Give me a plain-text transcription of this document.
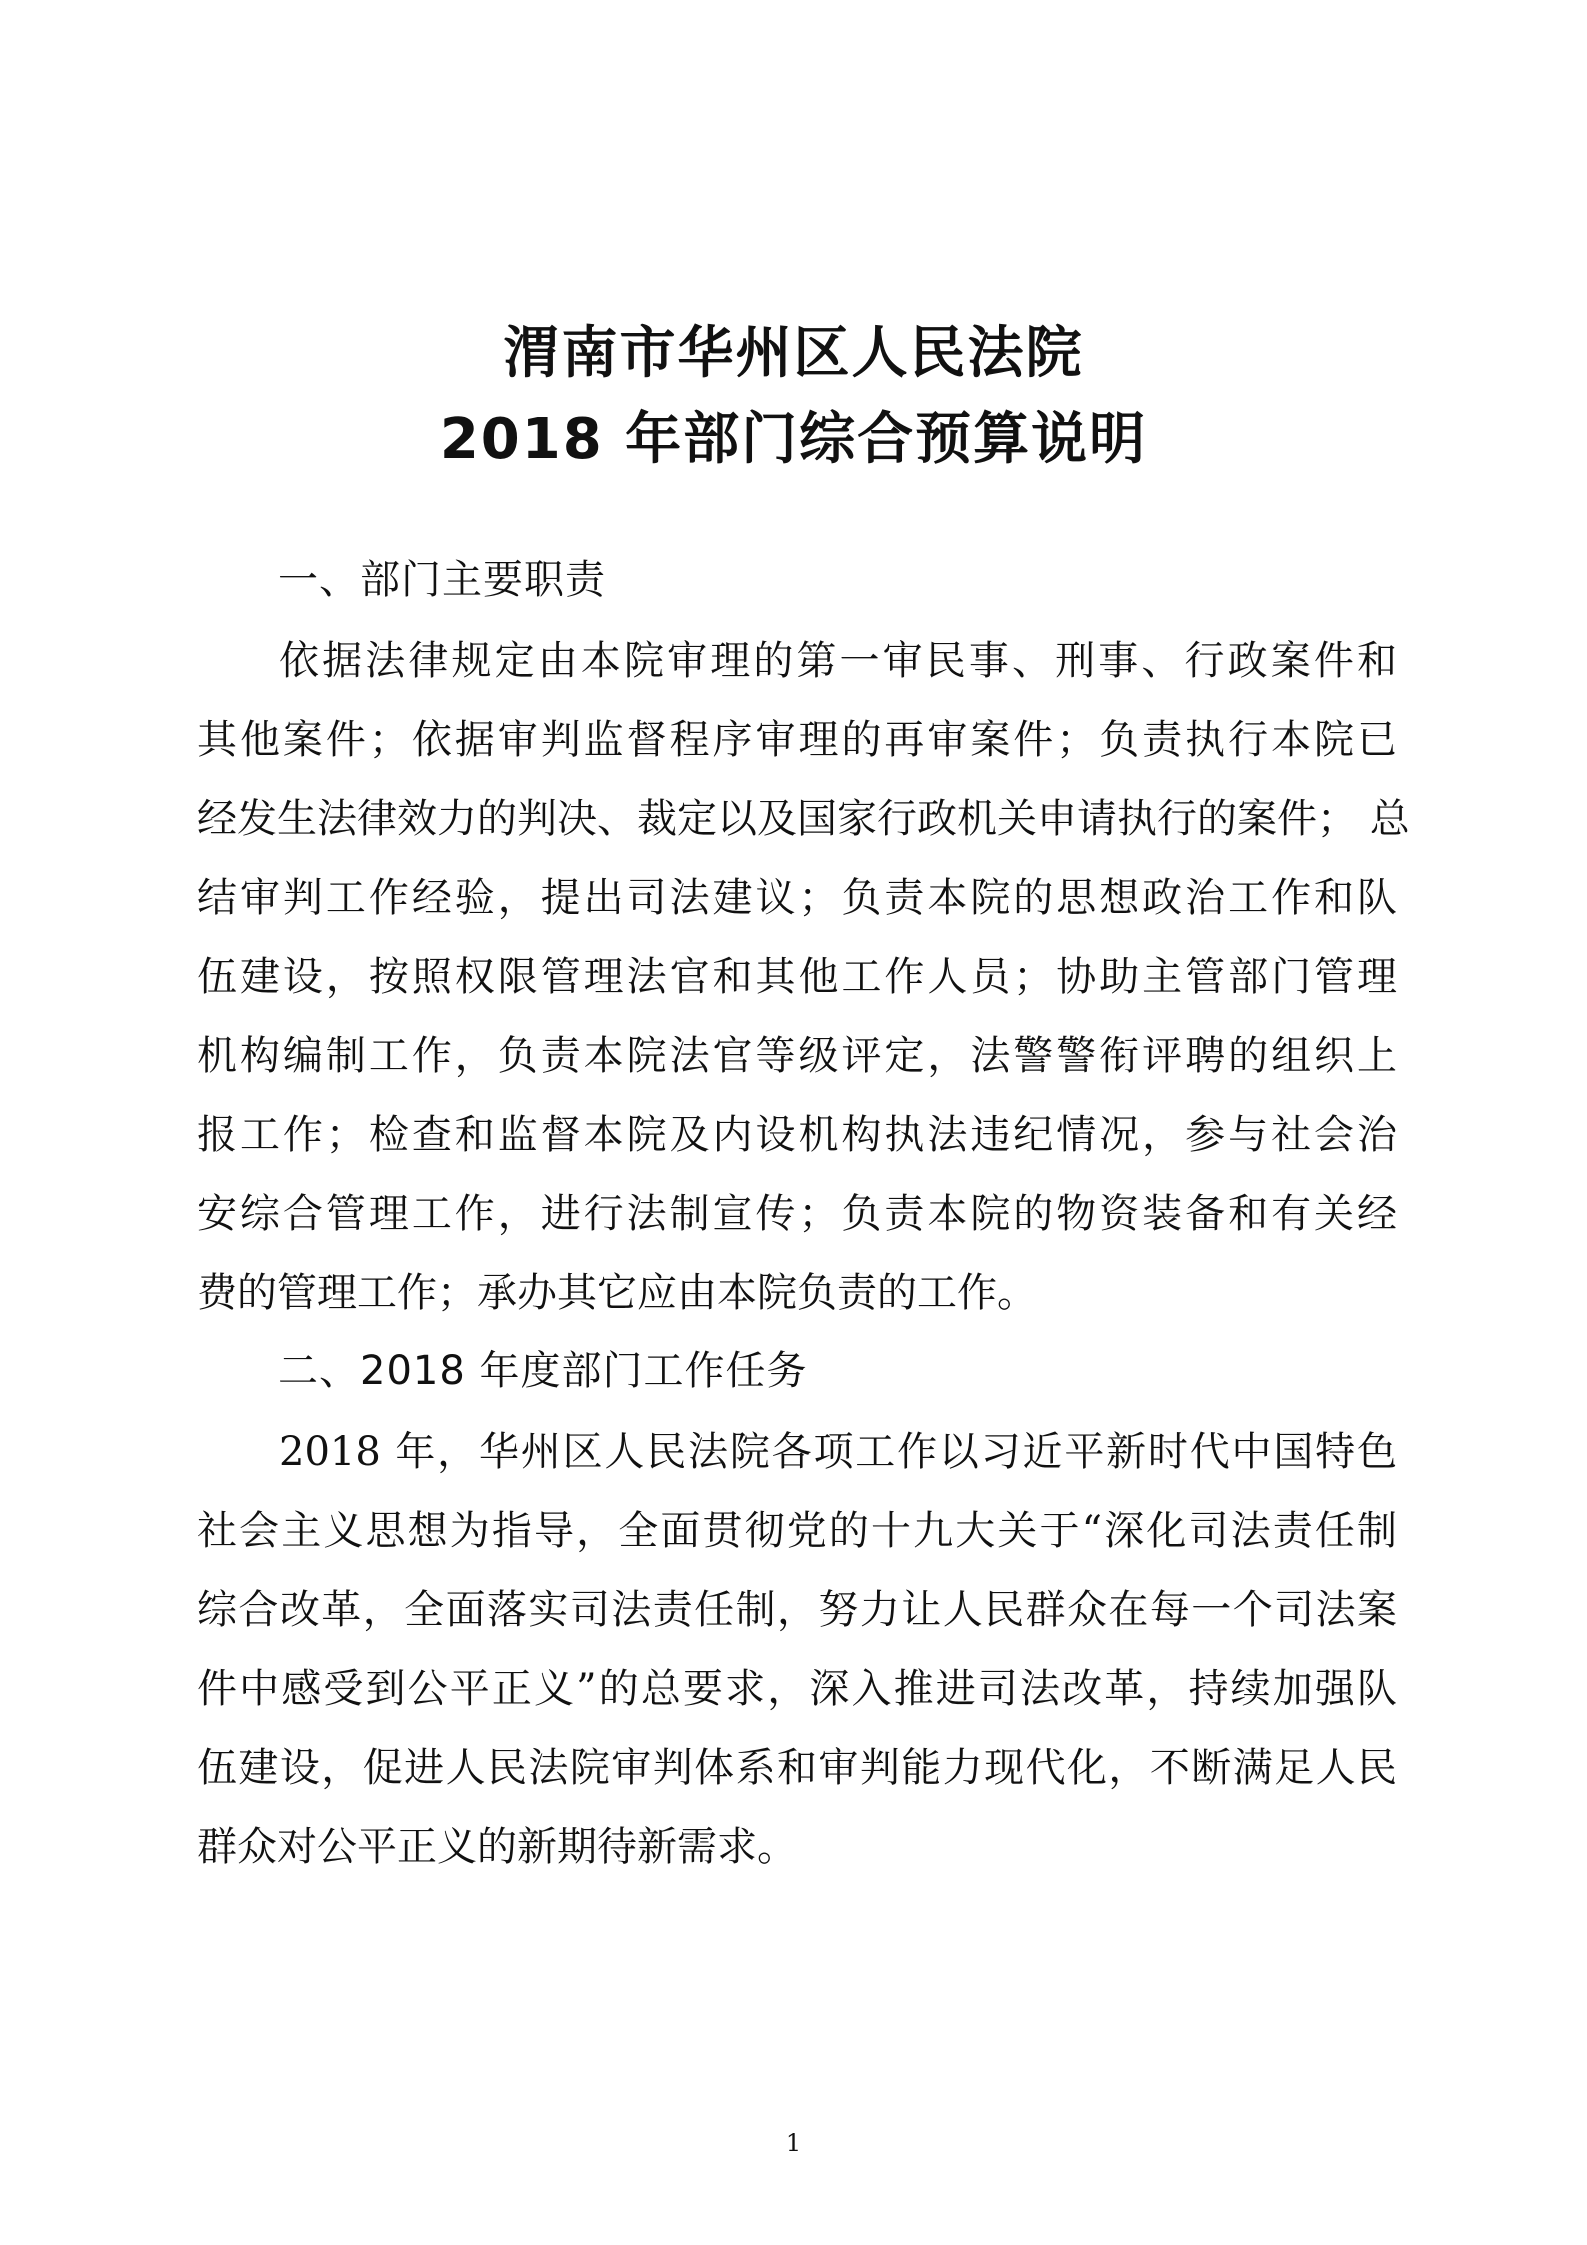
渭南市华州区人民法院
2018 年部门综合预算说明
一、部门主要职责
依据法律规定由本院审理的第一审民事、刑事、行政案件和
其他案件；依据审判监督程序审理的再审案件；负责执行本院已
经发生法律效力的判决、裁定以及国家行政机关申请执行的案件； 总
结审判工作经验，提出司法建议；负责本院的思想政治工作和队
伍建设，按照权限管理法官和其他工作人员；协助主管部门管理
机构编制工作，负责本院法官等级评定，法警警衔评聘的组织上
报工作；检查和监督本院及内设机构执法违纪情况，参与社会治
安综合管理工作，进行法制宣传；负责本院的物资装备和有关经
费的管理工作；承办其它应由本院负责的工作。
二、2018 年度部门工作任务
2018 年，华州区人民法院各项工作以习近平新时代中国特色
社会主义思想为指导，全面贯彻党的十九大关于“深化司法责任制
综合改革，全面落实司法责任制，努力让人民群众在每一个司法案
件中感受到公平正义”的总要求，深入推进司法改革，持续加强队
伍建设，促进人民法院审判体系和审判能力现代化，不断满足人民
群众对公平正义的新期待新需求。
1
